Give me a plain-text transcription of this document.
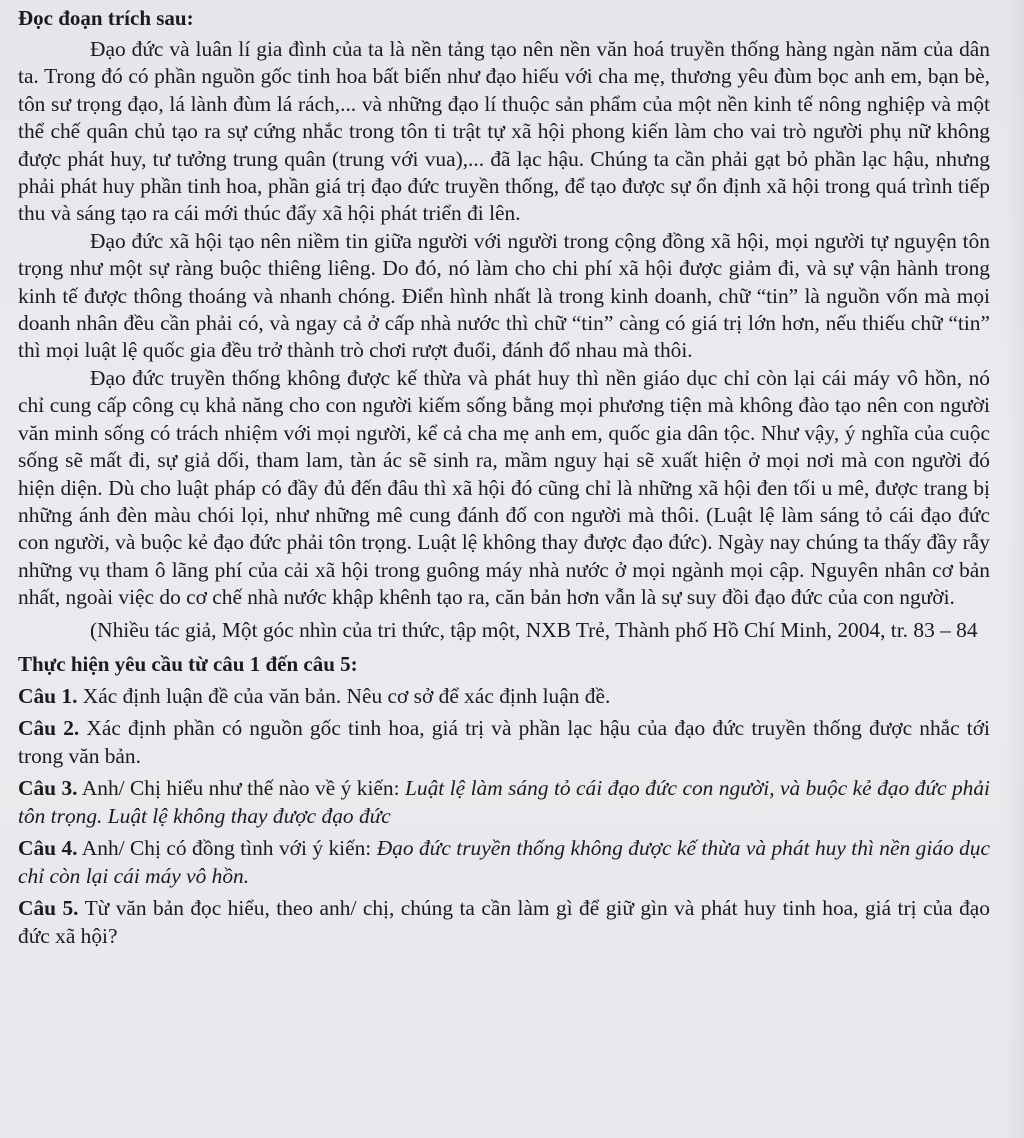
Đọc đoạn trích sau:

Đạo đức và luân lí gia đình của ta là nền tảng tạo nên nền văn hoá truyền thống hàng ngàn năm của dân ta. Trong đó có phần nguồn gốc tinh hoa bất biến như đạo hiếu với cha mẹ, thương yêu đùm bọc anh em, bạn bè, tôn sư trọng đạo, lá lành đùm lá rách,... và những đạo lí thuộc sản phẩm của một nền kinh tế nông nghiệp và một thể chế quân chủ tạo ra sự cứng nhắc trong tôn ti trật tự xã hội phong kiến làm cho vai trò người phụ nữ không được phát huy, tư tưởng trung quân (trung với vua),... đã lạc hậu. Chúng ta cần phải gạt bỏ phần lạc hậu, nhưng phải phát huy phần tinh hoa, phần giá trị đạo đức truyền thống, để tạo được sự ổn định xã hội trong quá trình tiếp thu và sáng tạo ra cái mới thúc đẩy xã hội phát triển đi lên.

Đạo đức xã hội tạo nên niềm tin giữa người với người trong cộng đồng xã hội, mọi người tự nguyện tôn trọng như một sự ràng buộc thiêng liêng. Do đó, nó làm cho chi phí xã hội được giảm đi, và sự vận hành trong kinh tế được thông thoáng và nhanh chóng. Điển hình nhất là trong kinh doanh, chữ “tin” là nguồn vốn mà mọi doanh nhân đều cần phải có, và ngay cả ở cấp nhà nước thì chữ “tin” càng có giá trị lớn hơn, nếu thiếu chữ “tin” thì mọi luật lệ quốc gia đều trở thành trò chơi rượt đuổi, đánh đổ nhau mà thôi.

Đạo đức truyền thống không được kế thừa và phát huy thì nền giáo dục chỉ còn lại cái máy vô hồn, nó chỉ cung cấp công cụ khả năng cho con người kiếm sống bằng mọi phương tiện mà không đào tạo nên con người văn minh sống có trách nhiệm với mọi người, kể cả cha mẹ anh em, quốc gia dân tộc. Như vậy, ý nghĩa của cuộc sống sẽ mất đi, sự giả dối, tham lam, tàn ác sẽ sinh ra, mầm nguy hại sẽ xuất hiện ở mọi nơi mà con người đó hiện diện. Dù cho luật pháp có đầy đủ đến đâu thì xã hội đó cũng chỉ là những xã hội đen tối u mê, được trang bị những ánh đèn màu chói lọi, như những mê cung đánh đố con người mà thôi. (Luật lệ làm sáng tỏ cái đạo đức con người, và buộc kẻ đạo đức phải tôn trọng. Luật lệ không thay được đạo đức). Ngày nay chúng ta thấy đầy rẫy những vụ tham ô lãng phí của cải xã hội trong guông máy nhà nước ở mọi ngành mọi cập. Nguyên nhân cơ bản nhất, ngoài việc do cơ chế nhà nước khập khênh tạo ra, căn bản hơn vẫn là sự suy đồi đạo đức của con người.

(Nhiều tác giả, Một góc nhìn của tri thức, tập một, NXB Trẻ, Thành phố Hồ Chí Minh, 2004, tr. 83 – 84

Thực hiện yêu cầu từ câu 1 đến câu 5:

Câu 1. Xác định luận đề của văn bản. Nêu cơ sở để xác định luận đề.

Câu 2. Xác định phần có nguồn gốc tinh hoa, giá trị và phần lạc hậu của đạo đức truyền thống được nhắc tới trong văn bản.

Câu 3. Anh/ Chị hiểu như thế nào về ý kiến: Luật lệ làm sáng tỏ cái đạo đức con người, và buộc kẻ đạo đức phải tôn trọng. Luật lệ không thay được đạo đức

Câu 4. Anh/ Chị có đồng tình với ý kiến: Đạo đức truyền thống không được kế thừa và phát huy thì nền giáo dục chỉ còn lại cái máy vô hồn.

Câu 5. Từ văn bản đọc hiểu, theo anh/ chị, chúng ta cần làm gì để giữ gìn và phát huy tinh hoa, giá trị của đạo đức xã hội?
